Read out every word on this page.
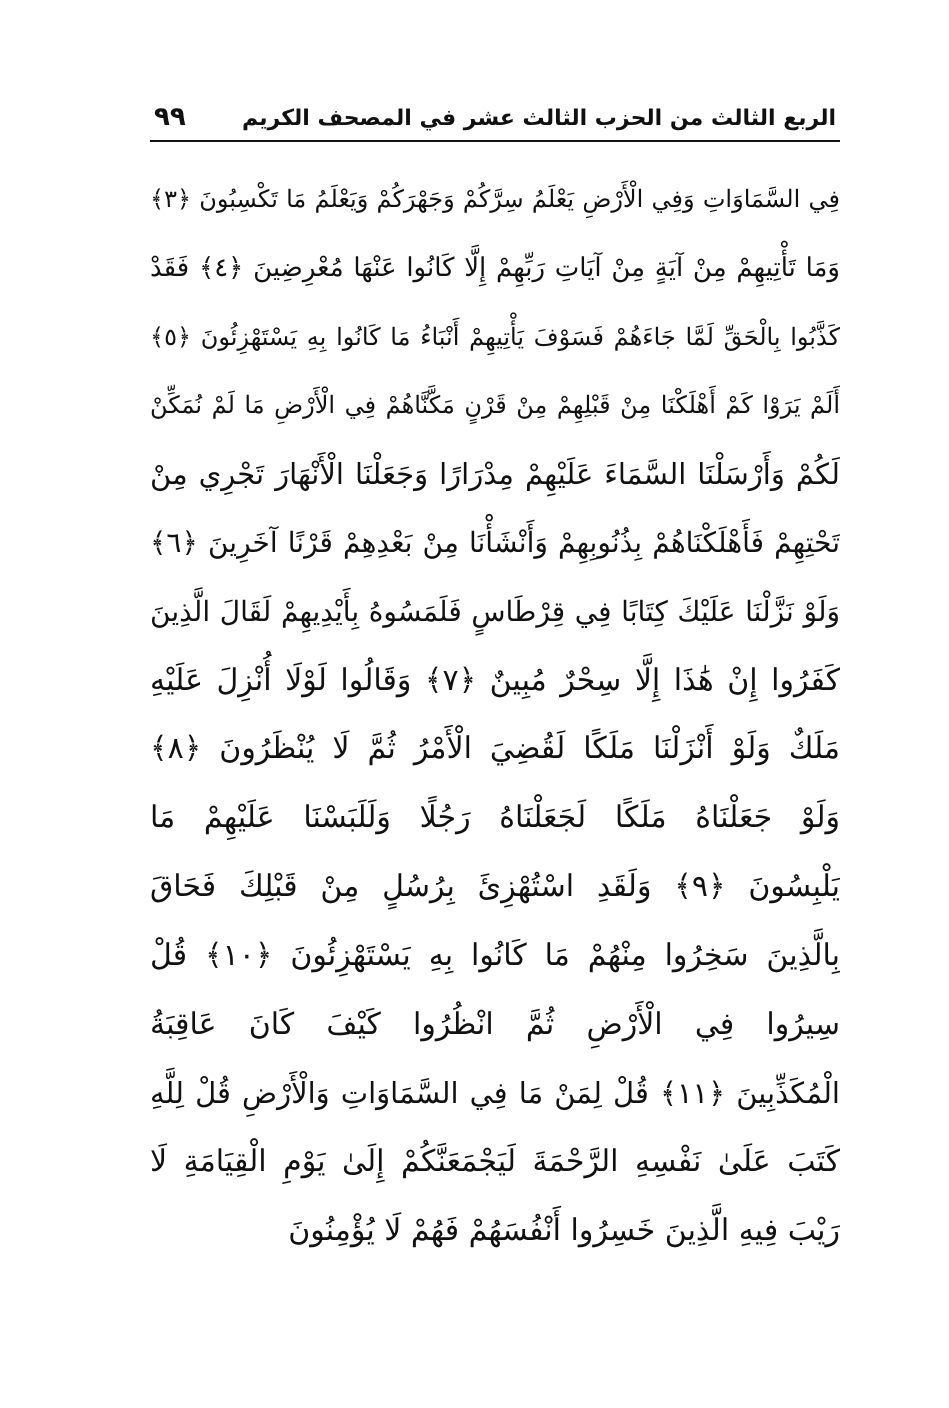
٩٩	الربع الثالث من الحزب الثالث عشر في المصحف الكريم
فِي السَّمَاوَاتِ وَفِي الْأَرْضِ يَعْلَمُ سِرَّكُمْ وَجَهْرَكُمْ وَيَعْلَمُ مَا تَكْسِبُونَ ﴿٣﴾
وَمَا تَأْتِيهِمْ مِنْ آيَةٍ مِنْ آيَاتِ رَبِّهِمْ إِلَّا كَانُوا عَنْهَا مُعْرِضِينَ ﴿٤﴾ فَقَدْ
كَذَّبُوا بِالْحَقِّ لَمَّا جَاءَهُمْ فَسَوْفَ يَأْتِيهِمْ أَنْبَاءُ مَا كَانُوا بِهِ يَسْتَهْزِئُونَ ﴿٥﴾
أَلَمْ يَرَوْا كَمْ أَهْلَكْنَا مِنْ قَبْلِهِمْ مِنْ قَرْنٍ مَكَّنَّاهُمْ فِي الْأَرْضِ مَا لَمْ نُمَكِّنْ
لَكُمْ وَأَرْسَلْنَا السَّمَاءَ عَلَيْهِمْ مِدْرَارًا وَجَعَلْنَا الْأَنْهَارَ تَجْرِي مِنْ
تَحْتِهِمْ فَأَهْلَكْنَاهُمْ بِذُنُوبِهِمْ وَأَنْشَأْنَا مِنْ بَعْدِهِمْ قَرْنًا آخَرِينَ ﴿٦﴾
وَلَوْ نَزَّلْنَا عَلَيْكَ كِتَابًا فِي قِرْطَاسٍ فَلَمَسُوهُ بِأَيْدِيهِمْ لَقَالَ الَّذِينَ
كَفَرُوا إِنْ هَٰذَا إِلَّا سِحْرٌ مُبِينٌ ﴿٧﴾ وَقَالُوا لَوْلَا أُنْزِلَ عَلَيْهِ
مَلَكٌ وَلَوْ أَنْزَلْنَا مَلَكًا لَقُضِيَ الْأَمْرُ ثُمَّ لَا يُنْظَرُونَ ﴿٨﴾
وَلَوْ جَعَلْنَاهُ مَلَكًا لَجَعَلْنَاهُ رَجُلًا وَلَلَبَسْنَا عَلَيْهِمْ مَا
يَلْبِسُونَ ﴿٩﴾ وَلَقَدِ اسْتُهْزِئَ بِرُسُلٍ مِنْ قَبْلِكَ فَحَاقَ
بِالَّذِينَ سَخِرُوا مِنْهُمْ مَا كَانُوا بِهِ يَسْتَهْزِئُونَ ﴿١٠﴾ قُلْ
سِيرُوا فِي الْأَرْضِ ثُمَّ انْظُرُوا كَيْفَ كَانَ عَاقِبَةُ
الْمُكَذِّبِينَ ﴿١١﴾ قُلْ لِمَنْ مَا فِي السَّمَاوَاتِ وَالْأَرْضِ قُلْ لِلَّهِ
كَتَبَ عَلَىٰ نَفْسِهِ الرَّحْمَةَ لَيَجْمَعَنَّكُمْ إِلَىٰ يَوْمِ الْقِيَامَةِ لَا
رَيْبَ فِيهِ الَّذِينَ خَسِرُوا أَنْفُسَهُمْ فَهُمْ لَا يُؤْمِنُونَ
